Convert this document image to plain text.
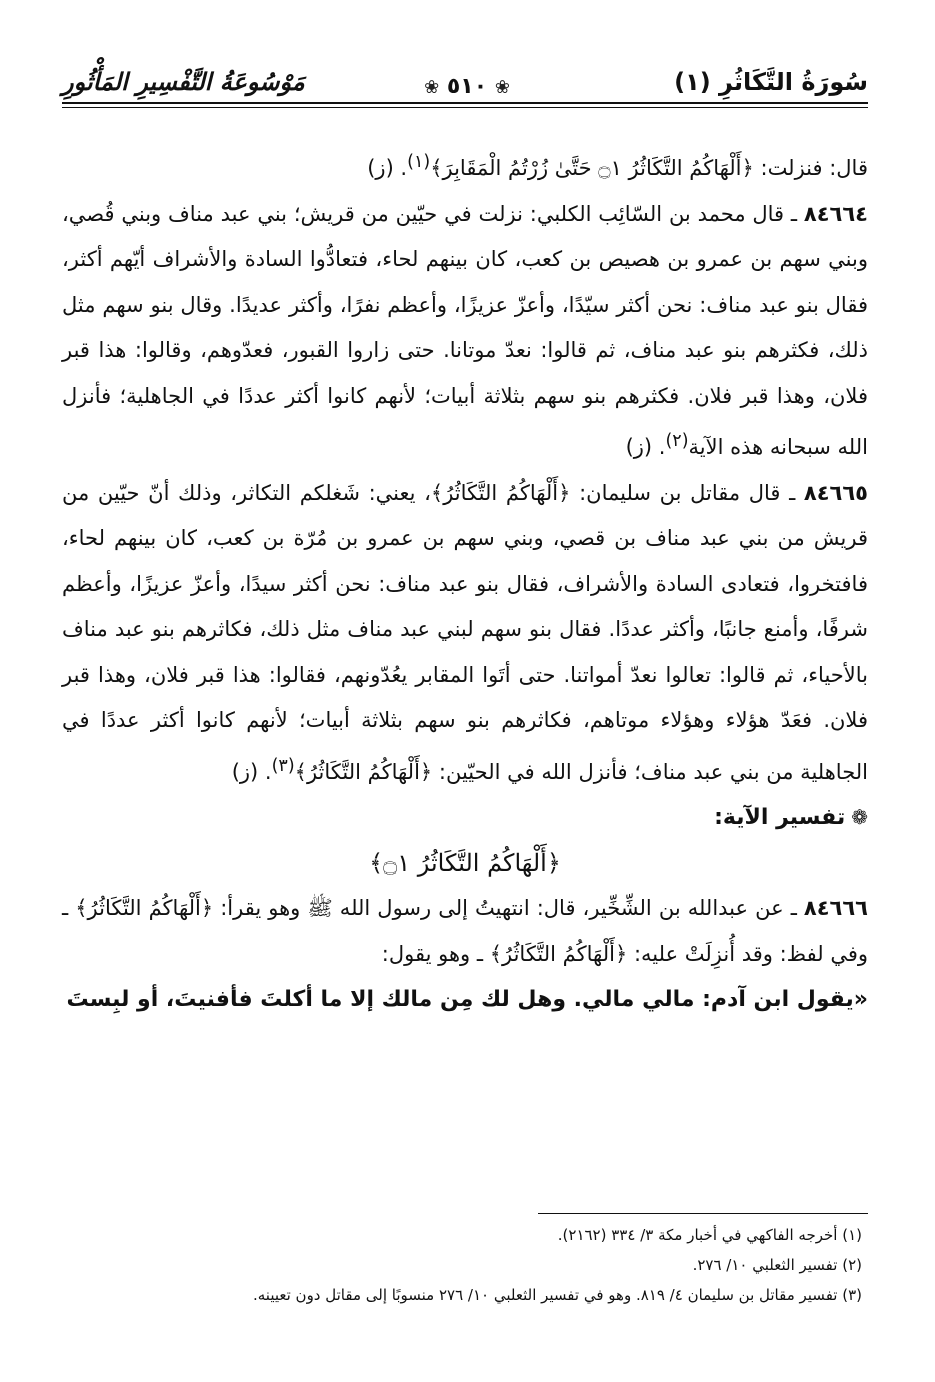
سُورَةُ التَّكَاثُرِ (١)
❀ ٥١٠ ❀
مَوْسُوعَةُ التَّفْسِيرِ المَأْثُورِ

قال: فنزلت: ﴿أَلْهَاكُمُ التَّكَاثُرُ ۝١ حَتَّىٰ زُرْتُمُ الْمَقَابِرَ﴾$^{(١)}$. (ز)

٨٤٦٦٤ ـ قال محمد بن السّائِب الكلبي: نزلت في حيّين من قريش؛ بني عبد مناف وبني قُصي، وبني سهم بن عمرو بن هصيص بن كعب، كان بينهم لحاء، فتعادُّوا السادة والأشراف أيّهم أكثر، فقال بنو عبد مناف: نحن أكثر سيّدًا، وأعزّ عزيزًا، وأعظم نفرًا، وأكثر عديدًا. وقال بنو سهم مثل ذلك، فكثرهم بنو عبد مناف، ثم قالوا: نعدّ موتانا. حتى زاروا القبور، فعدّوهم، وقالوا: هذا قبر فلان، وهذا قبر فلان. فكثرهم بنو سهم بثلاثة أبيات؛ لأنهم كانوا أكثر عددًا في الجاهلية؛ فأنزل الله سبحانه هذه الآية$^{(٢)}$. (ز)

٨٤٦٦٥ ـ قال مقاتل بن سليمان: ﴿أَلْهَاكُمُ التَّكَاثُرُ﴾، يعني: شَغلكم التكاثر، وذلك أنّ حيّين من قريش من بني عبد مناف بن قصي، وبني سهم بن عمرو بن مُرّة بن كعب، كان بينهم لحاء، فافتخروا، فتعادى السادة والأشراف، فقال بنو عبد مناف: نحن أكثر سيدًا، وأعزّ عزيزًا، وأعظم شرفًا، وأمنع جانبًا، وأكثر عددًا. فقال بنو سهم لبني عبد مناف مثل ذلك، فكاثرهم بنو عبد مناف بالأحياء، ثم قالوا: تعالوا نعدّ أمواتنا. حتى أتَوا المقابر يعُدّونهم، فقالوا: هذا قبر فلان، وهذا قبر فلان. فعَدّ هؤلاء وهؤلاء موتاهم، فكاثرهم بنو سهم بثلاثة أبيات؛ لأنهم كانوا أكثر عددًا في الجاهلية من بني عبد مناف؛ فأنزل الله في الحيّين: ﴿أَلْهَاكُمُ التَّكَاثُرُ﴾$^{(٣)}$. (ز)

❁تفسير الآية:

﴿أَلْهَاكُمُ التَّكَاثُرُ ۝١﴾

٨٤٦٦٦ ـ عن عبدالله بن الشِّخِّير، قال: انتهيتُ إلى رسول الله ﷺ وهو يقرأ: ﴿أَلْهَاكُمُ التَّكَاثُرُ﴾ ـ وفي لفظ: وقد أُنزِلَتْ عليه: ﴿أَلْهَاكُمُ التَّكَاثُرُ﴾ ـ وهو يقول:
«يقول ابن آدم: مالي مالي. وهل لك مِن مالك إلا ما أكلتَ فأفنيتَ، أو لبِستَ

(١) أخرجه الفاكهي في أخبار مكة ٣/ ٣٣٤ (٢١٦٢).
(٢) تفسير الثعلبي ١٠/ ٢٧٦.
(٣) تفسير مقاتل بن سليمان ٤/ ٨١٩. وهو في تفسير الثعلبي ١٠/ ٢٧٦ منسوبًا إلى مقاتل دون تعيينه.
